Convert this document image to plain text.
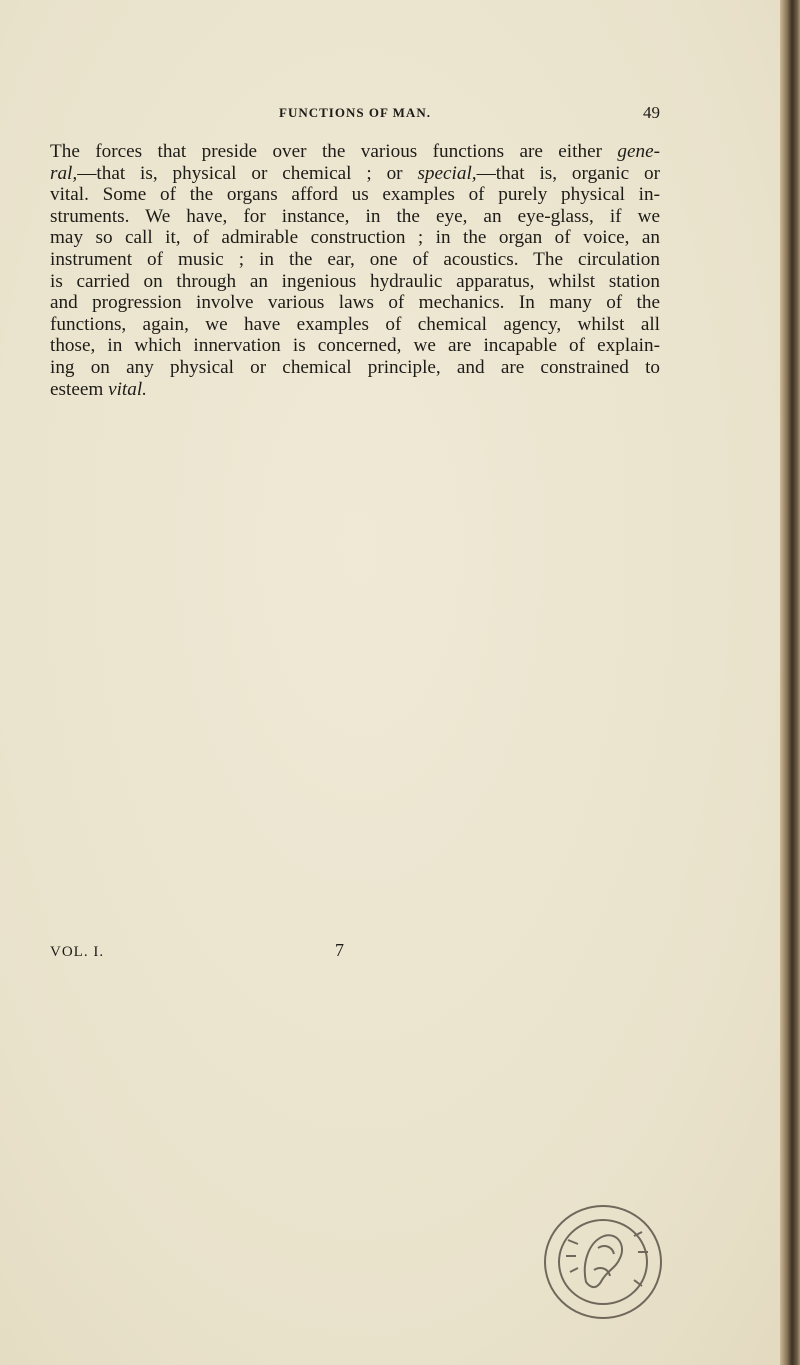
FUNCTIONS OF MAN.	49

The forces that preside over the various functions are either gene-
ral,—that is, physical or chemical ; or special,—that is, organic or
vital. Some of the organs afford us examples of purely physical in-
struments. We have, for instance, in the eye, an eye-glass, if we
may so call it, of admirable construction ; in the organ of voice, an
instrument of music ; in the ear, one of acoustics. The circulation
is carried on through an ingenious hydraulic apparatus, whilst station
and progression involve various laws of mechanics. In many of the
functions, again, we have examples of chemical agency, whilst all
those, in which innervation is concerned, we are incapable of explain-
ing on any physical or chemical principle, and are constrained to
esteem vital.

VOL. I.	7
